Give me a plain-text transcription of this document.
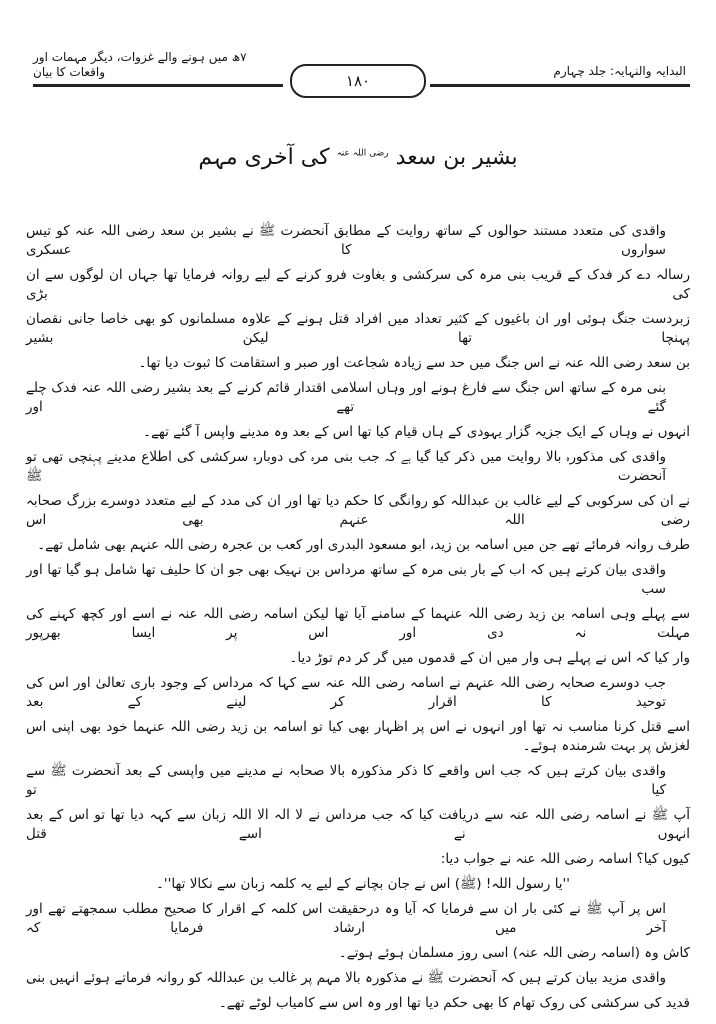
البدایہ والنہایہ: جلد چہارم
۷ھ میں ہونے والے غزوات، دیگر مہمات اور واقعات کا بیان	١٨٠
بشیر بن سعد $^{رضی اللہ عنہ}$ کی آخری مہم
واقدی کی متعدد مستند حوالوں کے ساتھ روایت کے مطابق آنحضرت ﷺ نے بشیر بن سعد رضی اللہ عنہ کو تیس سواروں کا عسکری
رسالہ دے کر فدک کے قریب بنی مرہ کی سرکشی و بغاوت فرو کرنے کے لیے روانہ فرمایا تھا جہاں ان لوگوں سے ان کی بڑی
زبردست جنگ ہوئی اور ان باغیوں کے کثیر تعداد میں افراد قتل ہونے کے علاوہ مسلمانوں کو بھی خاصا جانی نقصان پہنچا تھا لیکن بشیر
بن سعد رضی اللہ عنہ نے اس جنگ میں حد سے زیادہ شجاعت اور صبر و استقامت کا ثبوت دیا تھا۔
بنی مرہ کے ساتھ اس جنگ سے فارغ ہونے اور وہاں اسلامی اقتدار قائم کرنے کے بعد بشیر رضی اللہ عنہ فدک چلے گئے تھے اور
انہوں نے وہاں کے ایک جزیہ گزار یہودی کے ہاں قیام کیا تھا اس کے بعد وہ مدینے واپس آ گئے تھے۔
واقدی کی مذکورہ بالا روایت میں ذکر کیا گیا ہے کہ جب بنی مرہ کی دوبارہ سرکشی کی اطلاع مدینے پہنچی تھی تو آنحضرت ﷺ
نے ان کی سرکوبی کے لیے غالب بن عبداللہ کو روانگی کا حکم دیا تھا اور ان کی مدد کے لیے متعدد دوسرے بزرگ صحابہ رضی اللہ عنہم بھی اس
طرف روانہ فرمائے تھے جن میں اسامہ بن زید، ابو مسعود البدری اور کعب بن عجرہ رضی اللہ عنہم بھی شامل تھے۔
واقدی بیان کرتے ہیں کہ اب کے بار بنی مرہ کے ساتھ مرداس بن نہیک بھی جو ان کا حلیف تھا شامل ہو گیا تھا اور سب
سے پہلے وہی اسامہ بن زید رضی اللہ عنہما کے سامنے آیا تھا لیکن اسامہ رضی اللہ عنہ نے اسے اور کچھ کہنے کی مہلت نہ دی اور اس پر ایسا بھرپور
وار کیا کہ اس نے پہلے ہی وار میں ان کے قدموں میں گر کر دم توڑ دیا۔
جب دوسرے صحابہ رضی اللہ عنہم نے اسامہ رضی اللہ عنہ سے کہا کہ مرداس کے وجود باری تعالیٰ اور اس کی توحید کا اقرار کر لینے کے بعد
اسے قتل کرنا مناسب نہ تھا اور انہوں نے اس پر اظہار بھی کیا تو اسامہ بن زید رضی اللہ عنہما خود بھی اپنی اس لغزش پر بہت شرمندہ ہوئے۔
واقدی بیان کرتے ہیں کہ جب اس واقعے کا ذکر مذکورہ بالا صحابہ نے مدینے میں واپسی کے بعد آنحضرت ﷺ سے کیا تو
آپ ﷺ نے اسامہ رضی اللہ عنہ سے دریافت کیا کہ جب مرداس نے لا الہ الا اللہ زبان سے کہہ دیا تھا تو اس کے بعد انہوں نے اسے قتل
کیوں کیا؟ اسامہ رضی اللہ عنہ نے جواب دیا:
''یا رسول اللہ! (ﷺ) اس نے جان بچانے کے لیے یہ کلمہ زبان سے نکالا تھا''۔
اس پر آپ ﷺ نے کئی بار ان سے فرمایا کہ آیا وہ درحقیقت اس کلمہ کے اقرار کا صحیح مطلب سمجھتے تھے اور آخر میں ارشاد فرمایا کہ
کاش وہ (اسامہ رضی اللہ عنہ) اسی روز مسلمان ہوئے ہوتے۔
واقدی مزید بیان کرتے ہیں کہ آنحضرت ﷺ نے مذکورہ بالا مہم پر غالب بن عبداللہ کو روانہ فرماتے ہوئے انہیں بنی
قدید کی سرکشی کی روک تھام کا بھی حکم دیا تھا اور وہ اس سے کامیاب لوٹے تھے۔
